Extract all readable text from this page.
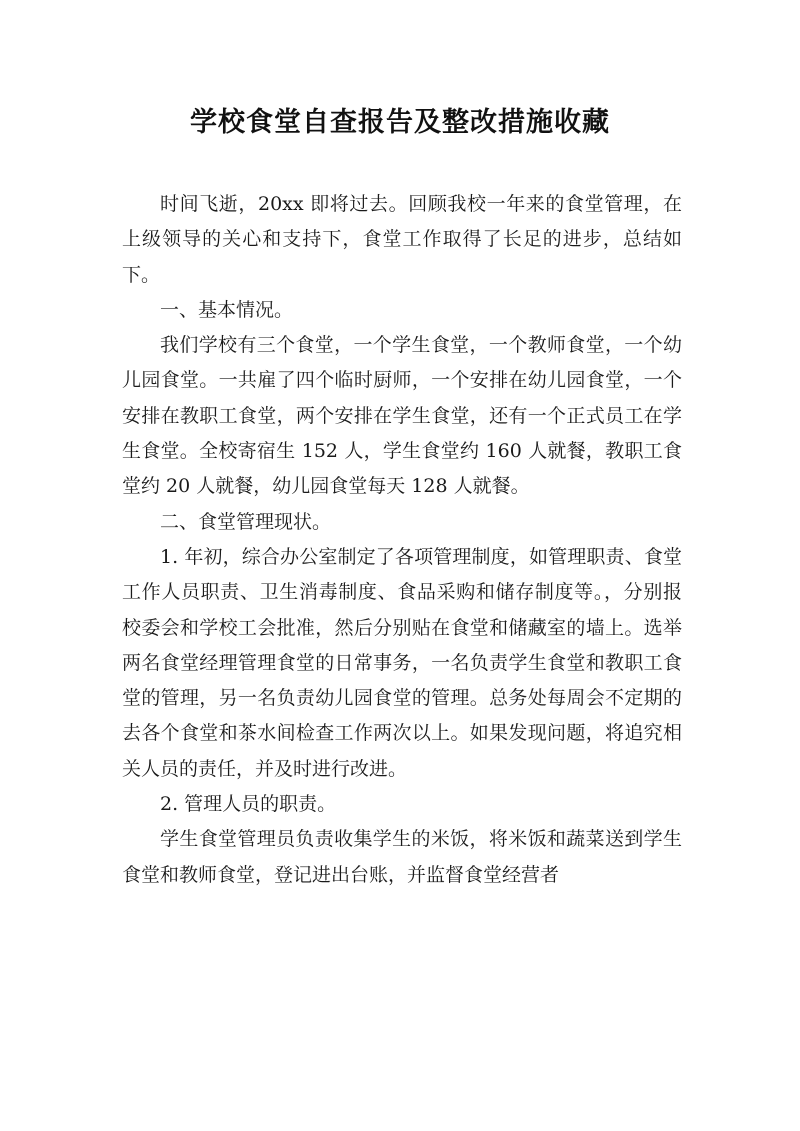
学校食堂自查报告及整改措施收藏

时间飞逝，20xx 即将过去。回顾我校一年来的食堂管理，在上级领导的关心和支持下，食堂工作取得了长足的进步，总结如下。

一、基本情况。

我们学校有三个食堂，一个学生食堂，一个教师食堂，一个幼儿园食堂。一共雇了四个临时厨师，一个安排在幼儿园食堂，一个安排在教职工食堂，两个安排在学生食堂，还有一个正式员工在学生食堂。全校寄宿生 152 人，学生食堂约 160 人就餐，教职工食堂约 20 人就餐，幼儿园食堂每天 128 人就餐。

二、食堂管理现状。

1. 年初，综合办公室制定了各项管理制度，如管理职责、食堂工作人员职责、卫生消毒制度、食品采购和储存制度等。，分别报校委会和学校工会批准，然后分别贴在食堂和储藏室的墙上。选举两名食堂经理管理食堂的日常事务，一名负责学生食堂和教职工食堂的管理，另一名负责幼儿园食堂的管理。总务处每周会不定期的去各个食堂和茶水间检查工作两次以上。如果发现问题，将追究相关人员的责任，并及时进行改进。

2. 管理人员的职责。

学生食堂管理员负责收集学生的米饭，将米饭和蔬菜送到学生食堂和教师食堂，登记进出台账，并监督食堂经营者
